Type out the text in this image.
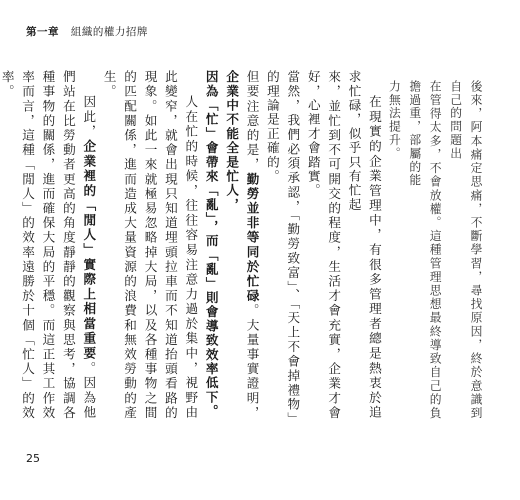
第一章 組織的權力招牌

後來，阿本痛定思痛，不斷學習，尋找原因，終於意識到自己的問題出

在管得太多，不會放權。這種管理思想最終導致自己的負擔過重，部屬的能

力無法提升。

在現實的企業管理中，有很多管理者總是熱衷於追求忙碌，似乎只有忙起

來，並忙到不可開交的程度，生活才會充實，企業才會好，心裡才會踏實。

當然，我們必須承認，「勤勞致富」、「天上不會掉禮物」的理論是正確的。

但要注意的是，勤勞並非等同於忙碌。大量事實證明，企業中不能全是忙人，

因為「忙」會帶來「亂」，而「亂」則會導致效率低下。

人在忙的時候，往往容易注意力過於集中，視野由此變窄，就會出現只知道埋頭拉車而不知道抬頭看路的現象。如此一來就極易忽略掉大局，以及各種事物之間的匹配關係，進而造成大量資源的浪費和無效勞動的產生。

因此，企業裡的「閒人」實際上相當重要。因為他們站在比勞動者更高的角度靜靜的觀察與思考，協調各種事物的關係，進而確保大局的平穩。而這正其工作效率而言，這種「閒人」的效率遠勝於十個「忙人」的效率。

25
